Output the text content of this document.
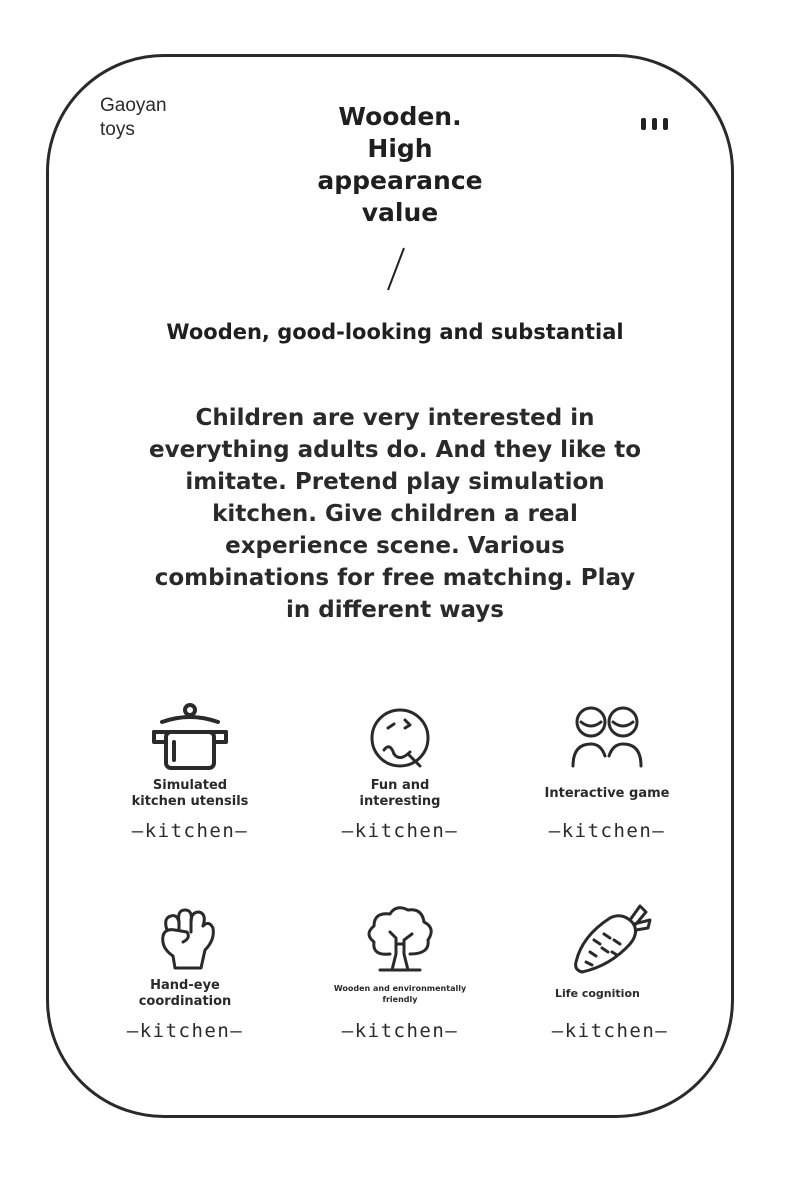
Gaoyan
toys	Wooden.
High
appearance
value
Wooden, good-looking and substantial
Children are very interested in everything adults do. And they like to imitate. Pretend play simulation kitchen. Give children a real experience scene. Various combinations for free matching. Play in different ways
Simulated kitchen utensils
–kitchen–
Fun and interesting
–kitchen–
Interactive game
–kitchen–
Hand-eye coordination
–kitchen–
Wooden and environmentally friendly
–kitchen–
Life cognition
–kitchen–
